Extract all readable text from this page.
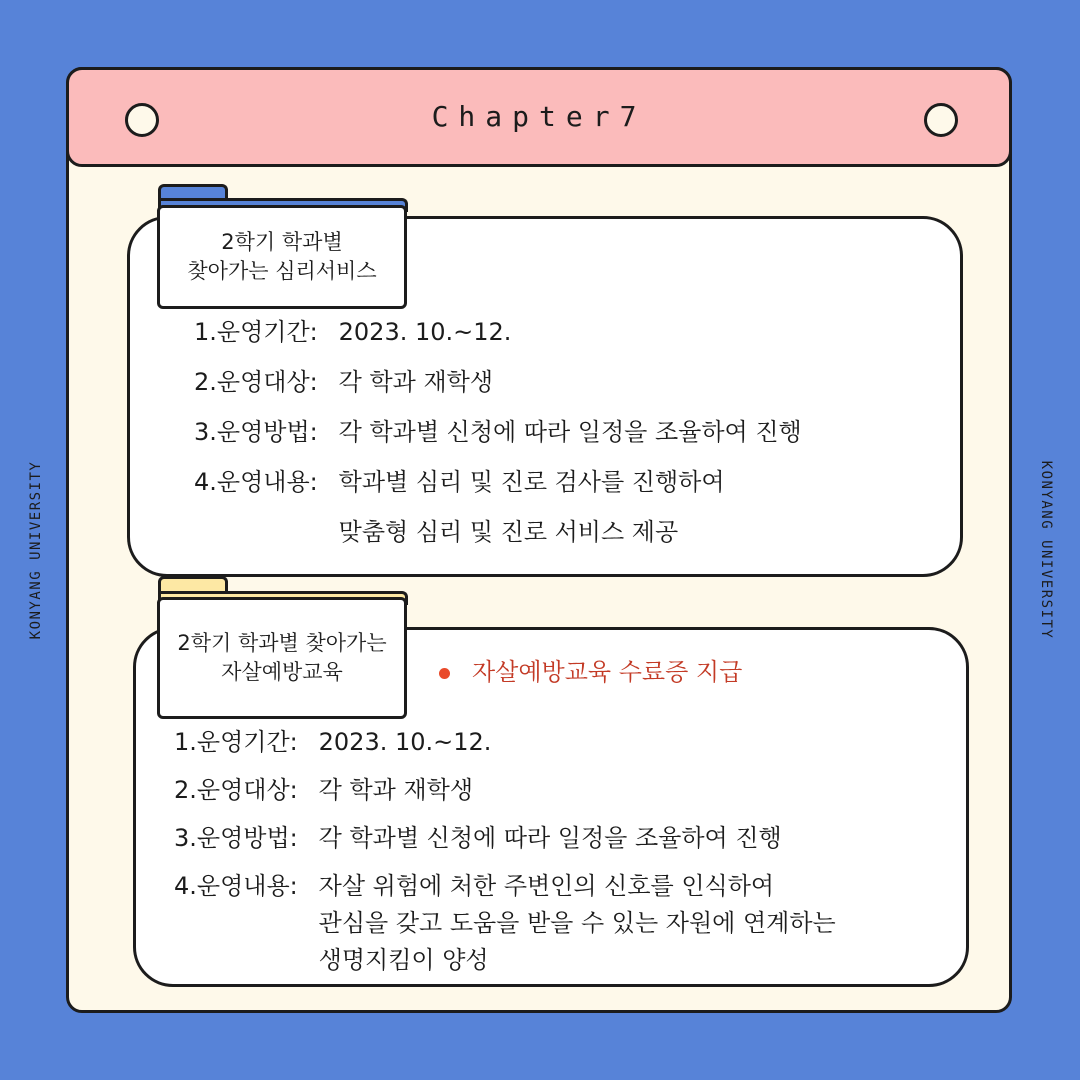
KONYANG UNIVERSITY	KONYANG UNIVERSITY
Chapter7
2학기 학과별
찾아가는 심리서비스
1.운영기간: 2023. 10.~12.
2.운영대상: 각 학과 재학생
3.운영방법: 각 학과별 신청에 따라 일정을 조율하여 진행
4.운영내용: 학과별 심리 및 진로 검사를 진행하여
맞춤형 심리 및 진로 서비스 제공
2학기 학과별 찾아가는
자살예방교육	자살예방교육 수료증 지급
1.운영기간: 2023. 10.~12.
2.운영대상: 각 학과 재학생
3.운영방법: 각 학과별 신청에 따라 일정을 조율하여 진행
4.운영내용: 자살 위험에 처한 주변인의 신호를 인식하여
관심을 갖고 도움을 받을 수 있는 자원에 연계하는
생명지킴이 양성
